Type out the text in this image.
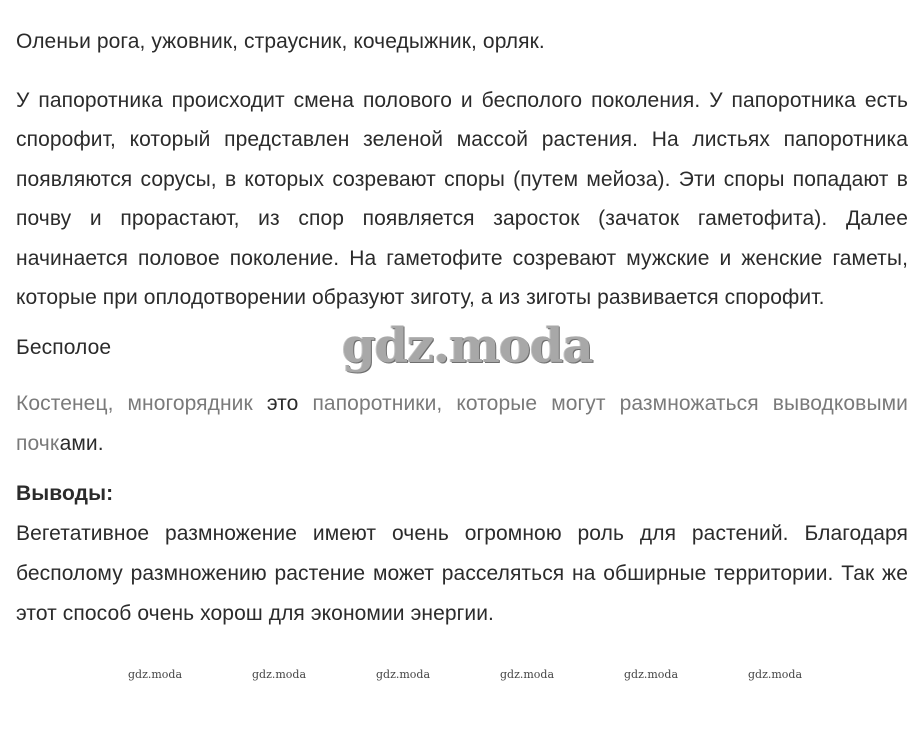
Оленьи рога, ужовник, страусник, кочедыжник, орляк.

У папоротника происходит смена полового и бесполого поколения. У папоротника есть спорофит, который представлен зеленой массой растения. На листьях папоротника появляются сорусы, в которых созревают споры (путем мейоза). Эти споры попадают в почву и прорастают, из спор появляется заросток (зачаток гаметофита). Далее начинается половое поколение. На гаметофите созревают мужские и женские гаметы, которые при оплодотворении образуют зиготу, а из зиготы развивается спорофит.

Бесполое

Костенец, многорядник это папоротники, которые могут размножаться выводковыми почками.

Выводы:

Вегетативное размножение имеют очень огромною роль для растений. Благодаря бесполому размножению растение может расселяться на обширные территории. Так же этот способ очень хорош для экономии энергии.

gdz.moda
gdz.moda	gdz.moda	gdz.moda	gdz.moda	gdz.moda	gdz.moda
